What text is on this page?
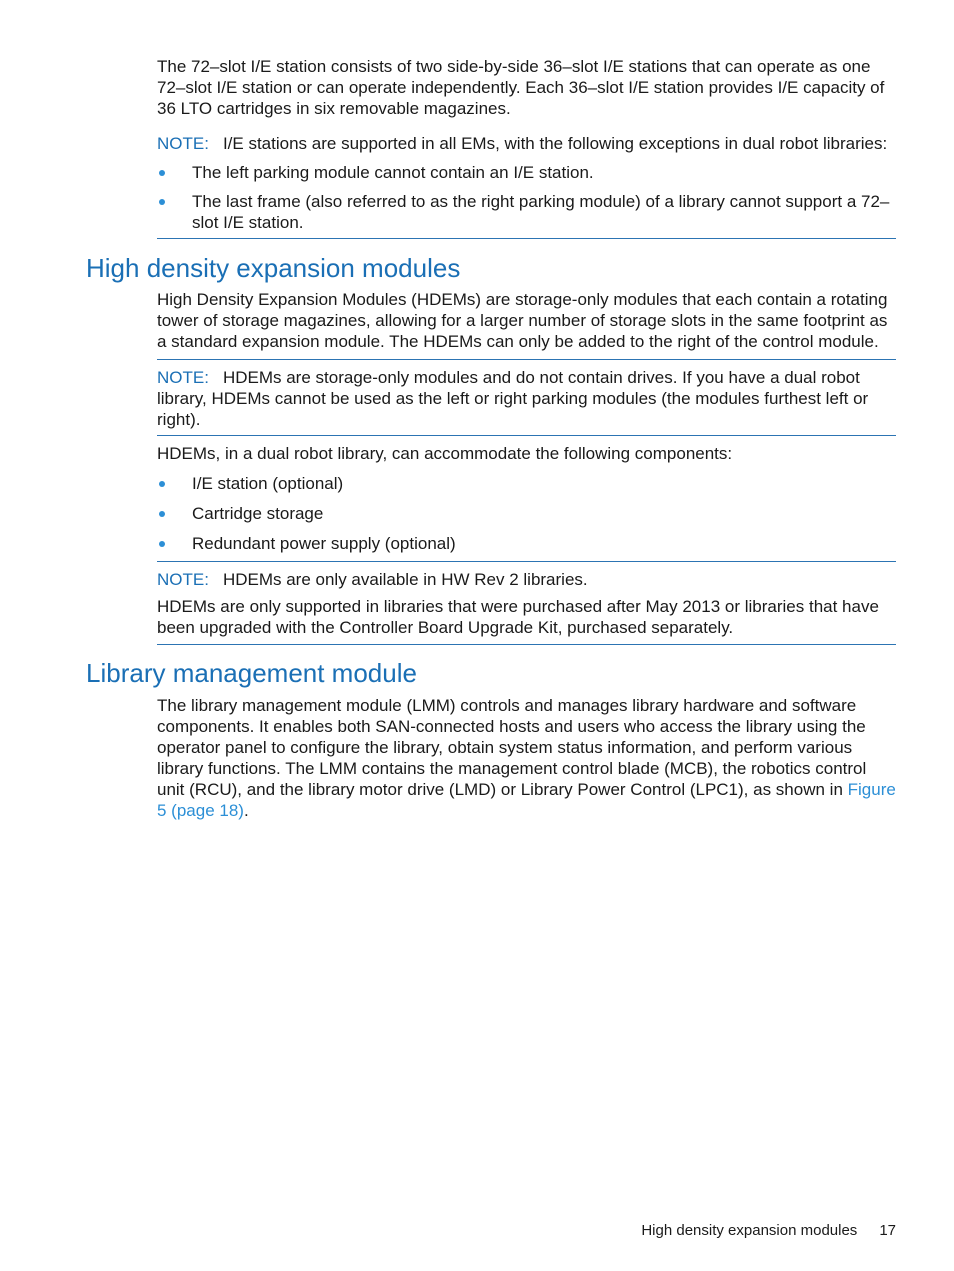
The 72–slot I/E station consists of two side-by-side 36–slot I/E stations that can operate as one 72–slot I/E station or can operate independently. Each 36–slot I/E station provides I/E capacity of 36 LTO cartridges in six removable magazines.

NOTE: I/E stations are supported in all EMs, with the following exceptions in dual robot libraries:

The left parking module cannot contain an I/E station.
The last frame (also referred to as the right parking module) of a library cannot support a 72–slot I/E station.
High density expansion modules

High Density Expansion Modules (HDEMs) are storage-only modules that each contain a rotating tower of storage magazines, allowing for a larger number of storage slots in the same footprint as a standard expansion module. The HDEMs can only be added to the right of the control module.

NOTE: HDEMs are storage-only modules and do not contain drives. If you have a dual robot library, HDEMs cannot be used as the left or right parking modules (the modules furthest left or right).

HDEMs, in a dual robot library, can accommodate the following components:

I/E station (optional)
Cartridge storage
Redundant power supply (optional)

NOTE: HDEMs are only available in HW Rev 2 libraries.

HDEMs are only supported in libraries that were purchased after May 2013 or libraries that have been upgraded with the Controller Board Upgrade Kit, purchased separately.

Library management module

The library management module (LMM) controls and manages library hardware and software components. It enables both SAN-connected hosts and users who access the library using the operator panel to configure the library, obtain system status information, and perform various library functions. The LMM contains the management control blade (MCB), the robotics control unit (RCU), and the library motor drive (LMD) or Library Power Control (LPC1), as shown in Figure 5 (page 18).

High density expansion modules 17
